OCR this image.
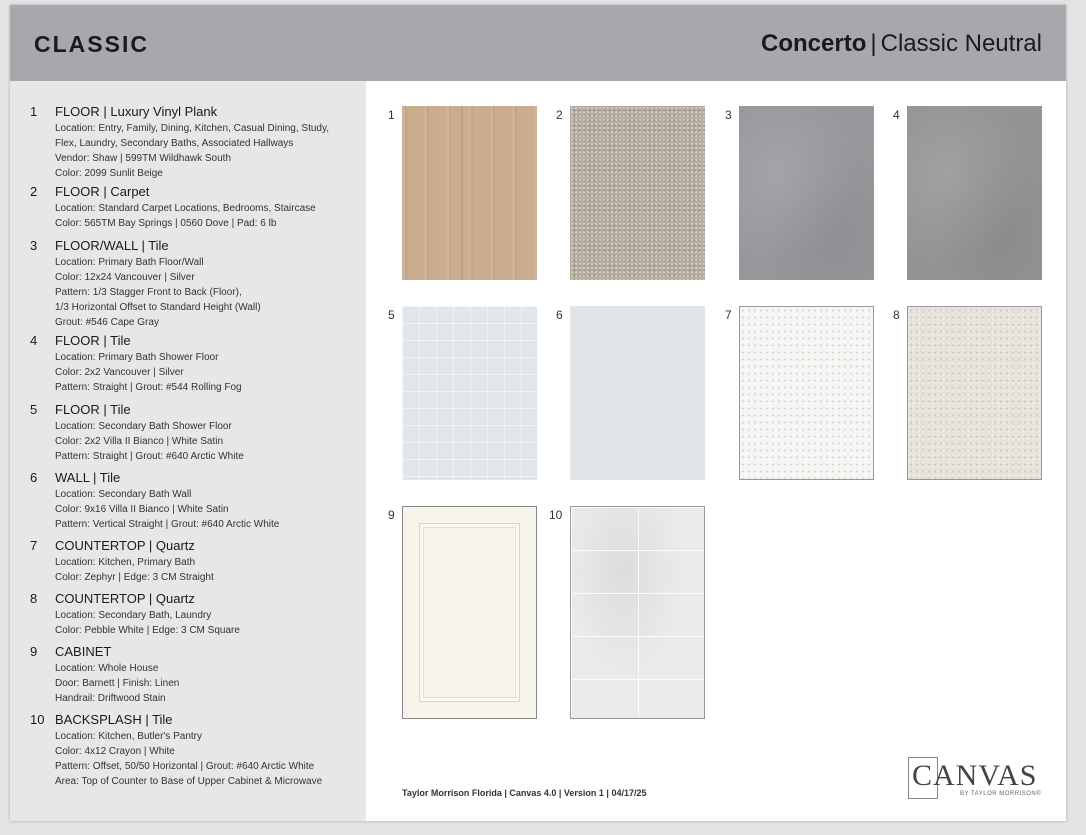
CLASSIC	Concerto | Classic Neutral
1	FLOOR | Luxury Vinyl Plank
Location: Entry, Family, Dining, Kitchen, Casual Dining, Study,
Flex, Laundry, Secondary Baths, Associated Hallways
Vendor: Shaw | 599TM Wildhawk South
Color: 2099 Sunlit Beige
2	FLOOR | Carpet
Location: Standard Carpet Locations, Bedrooms, Staircase
Color: 565TM Bay Springs | 0560 Dove | Pad: 6 lb
3	FLOOR/WALL | Tile
Location: Primary Bath Floor/Wall
Color: 12x24 Vancouver | Silver
Pattern: 1/3 Stagger Front to Back (Floor),
1/3 Horizontal Offset to Standard Height (Wall)
Grout: #546 Cape Gray
4	FLOOR | Tile
Location: Primary Bath Shower Floor
Color: 2x2 Vancouver | Silver
Pattern: Straight | Grout: #544 Rolling Fog
5	FLOOR | Tile
Location: Secondary Bath Shower Floor
Color: 2x2 Villa II Bianco | White Satin
Pattern: Straight | Grout: #640 Arctic White
6	WALL | Tile
Location: Secondary Bath Wall
Color: 9x16 Villa II Bianco | White Satin
Pattern: Vertical Straight | Grout: #640 Arctic White
7	COUNTERTOP | Quartz
Location: Kitchen, Primary Bath
Color: Zephyr | Edge: 3 CM Straight
8	COUNTERTOP | Quartz
Location: Secondary Bath, Laundry
Color: Pebble White | Edge: 3 CM Square
9	CABINET
Location: Whole House
Door: Barnett | Finish: Linen
Handrail: Driftwood Stain
10 BACKSPLASH | Tile
Location: Kitchen, Butler's Pantry
Color: 4x12 Crayon | White
Pattern: Offset, 50/50 Horizontal | Grout: #640 Arctic White
Area: Top of Counter to Base of Upper Cabinet & Microwave
1	2	3	4
5	6	7	8
9	10
Taylor Morrison Florida | Canvas 4.0 | Version 1 | 04/17/25
CANVAS
BY TAYLOR MORRISON®
